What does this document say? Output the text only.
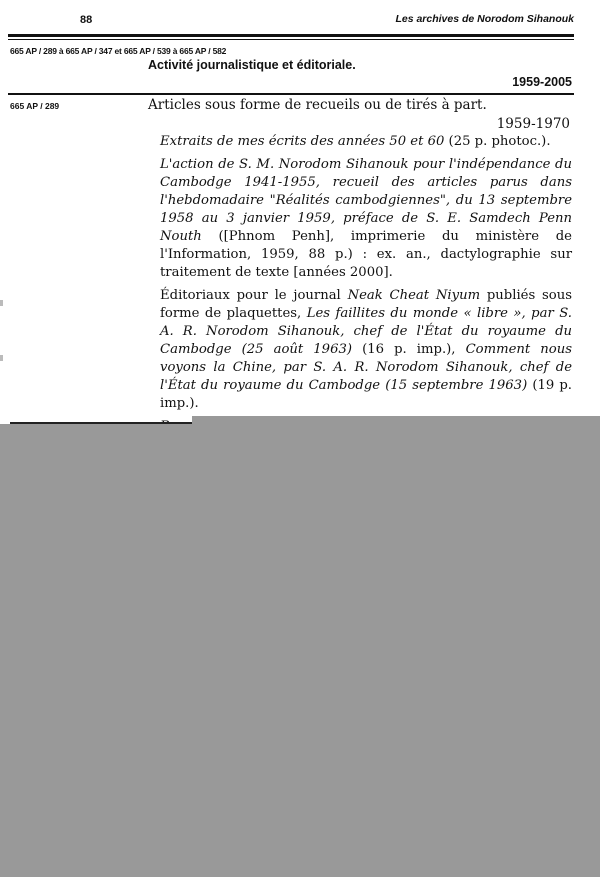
88	Les archives de Norodom Sihanouk
665 AP / 289 à 665 AP / 347 et 665 AP / 539 à 665 AP / 582
Activité journalistique et éditoriale.
1959-2005
665 AP / 289	Articles sous forme de recueils ou de tirés à part.
1959-1970

Extraits de mes écrits des années 50 et 60 (25 p. photoc.).

L'action de S. M. Norodom Sihanouk pour l'indépendance du Cambodge 1941-1955, recueil des articles parus dans l'hebdomadaire "Réalités cambodgiennes", du 13 septembre 1958 au 3 janvier 1959, préface de S. E. Samdech Penn Nouth ([Phnom Penh], imprimerie du ministère de l'Information, 1959, 88 p.) : ex. an., dactylographie sur traitement de texte [années 2000].

Éditoriaux pour le journal Neak Cheat Niyum publiés sous forme de plaquettes, Les faillites du monde « libre », par S. A. R. Norodom Sihanouk, chef de l'État du royaume du Cambodge (25 août 1963) (16 p. imp.), Comment nous voyons la Chine, par S. A. R. Norodom Sihanouk, chef de l'État du royaume du Cambodge (15 septembre 1963) (19 p. imp.).
